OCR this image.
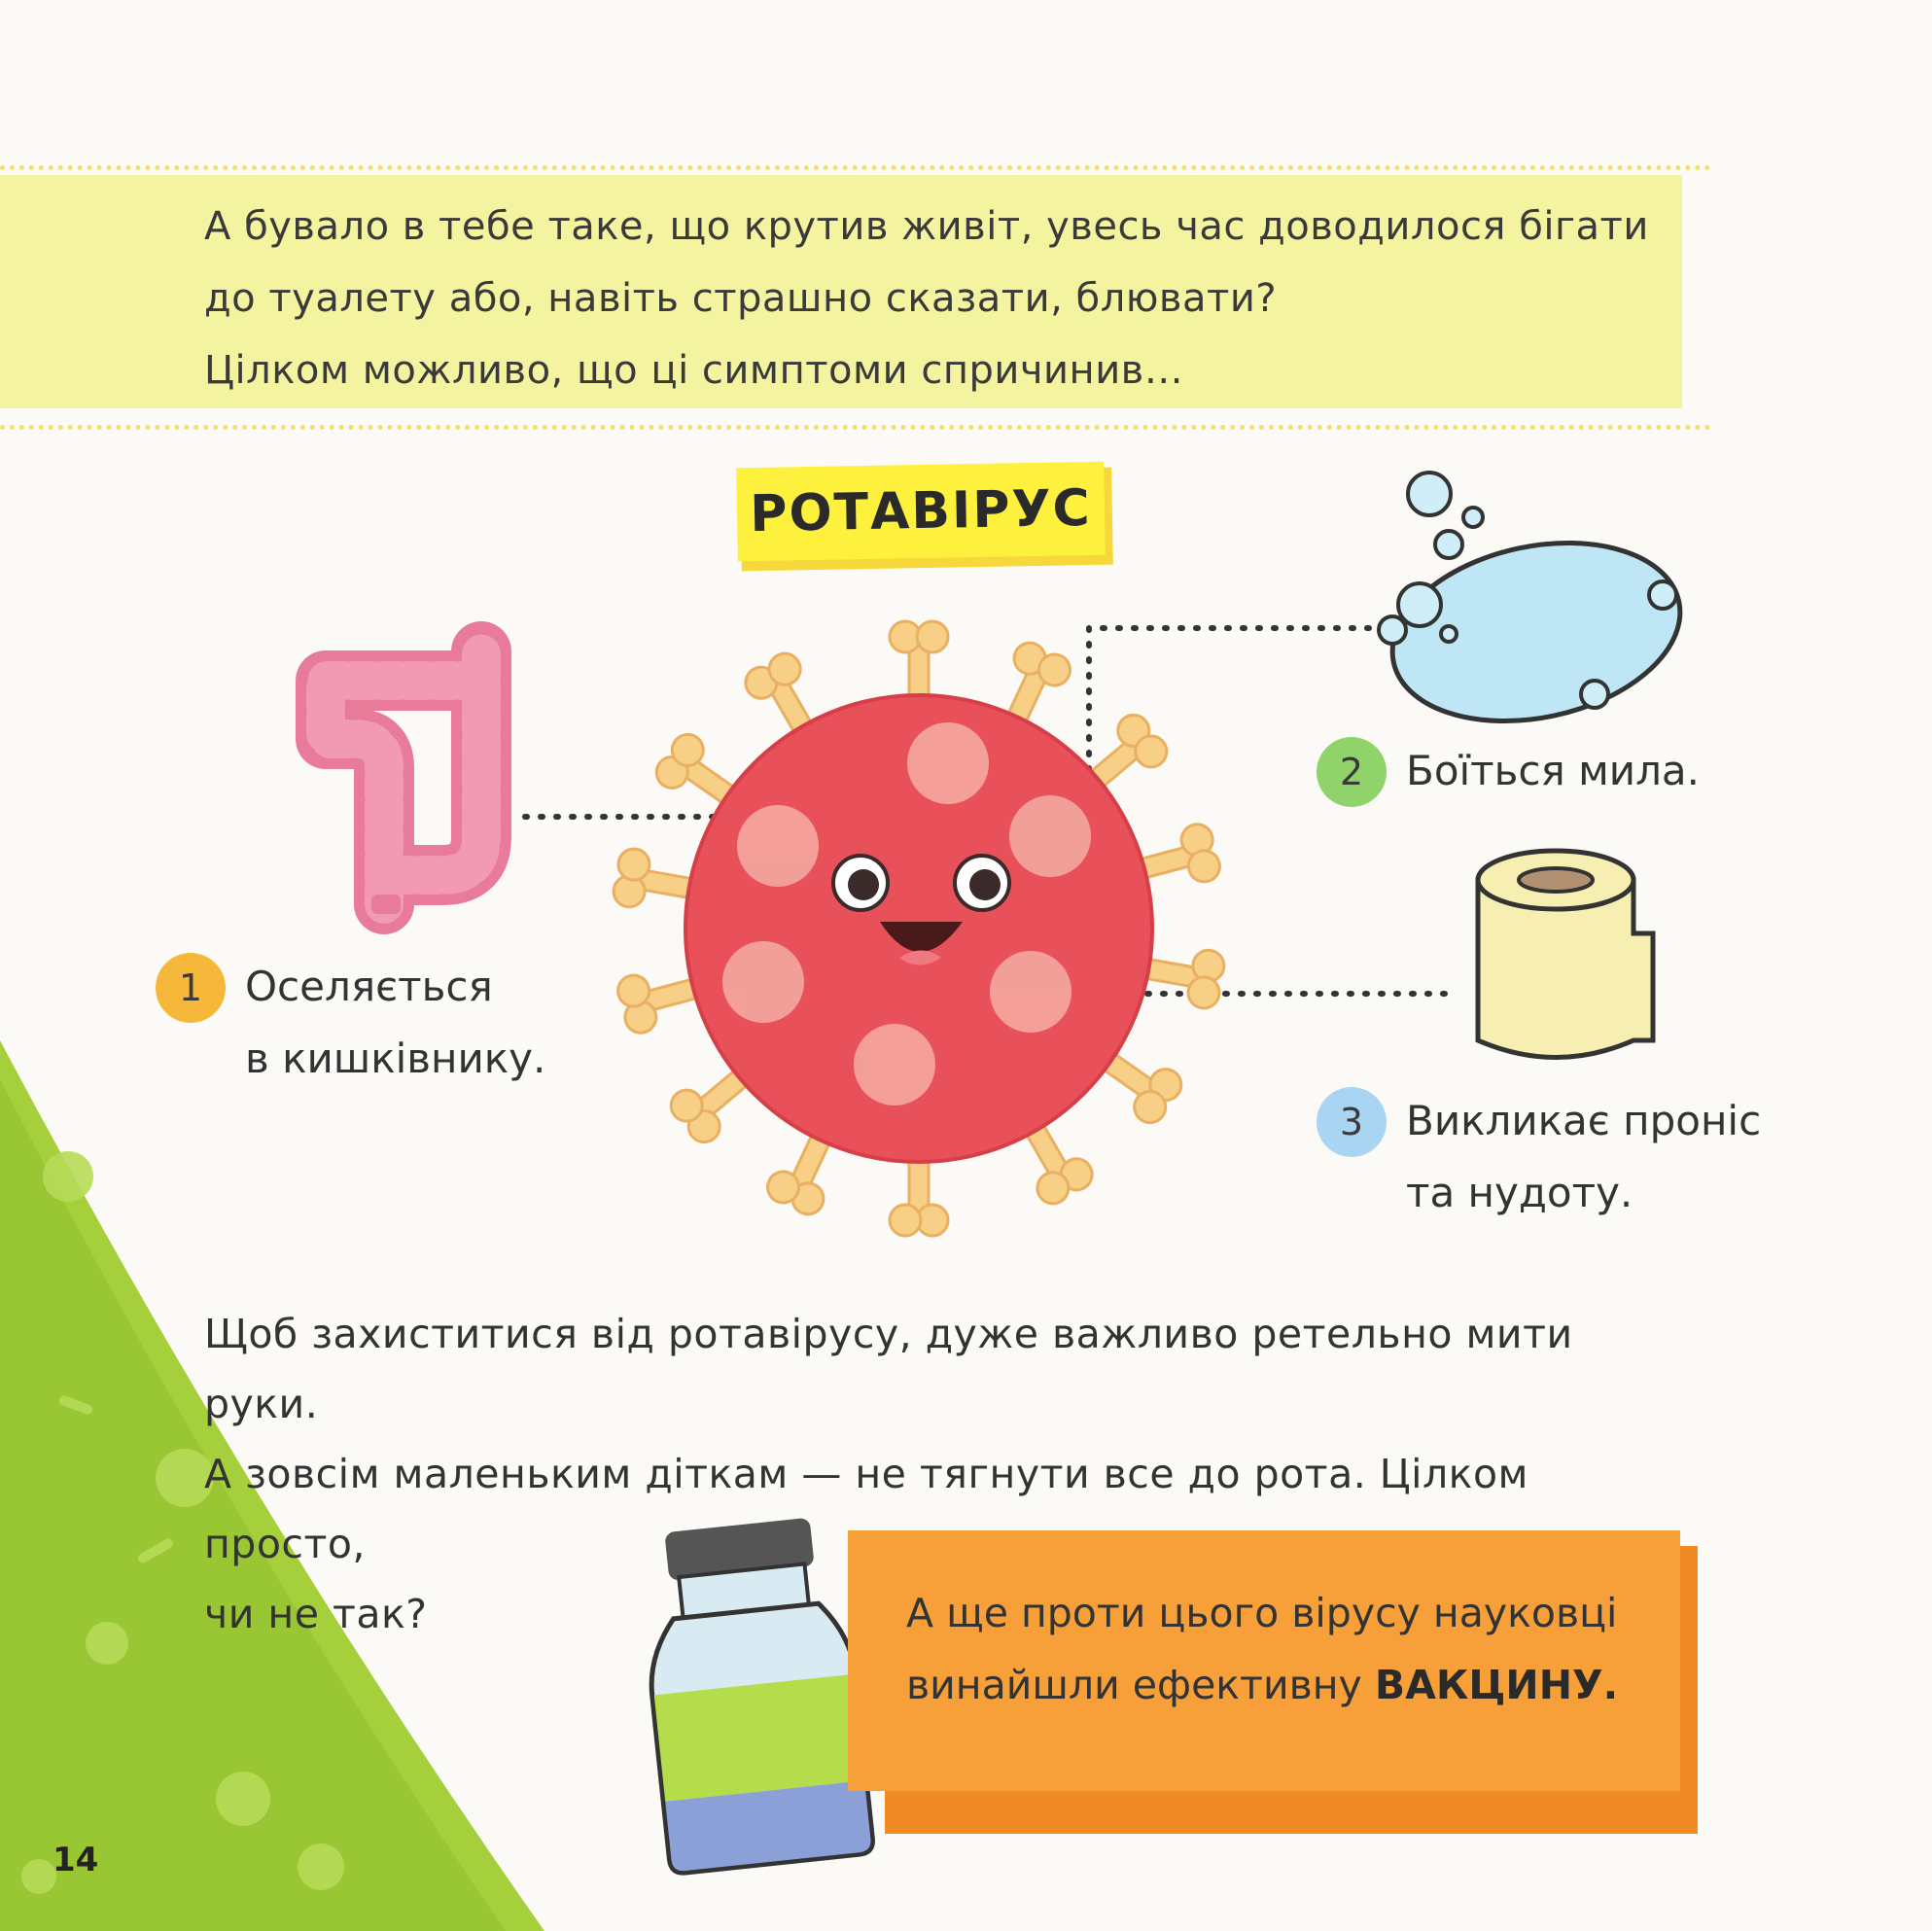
А бувало в тебе таке, що крутив живіт, увесь час доводилося бігати
до туалету або, навіть страшно сказати, блювати?
Цілком можливо, що ці симптоми спричинив…

РОТАВІРУС
1 Оселяється
в кишківнику.
2 Боїться мила.
3 Викликає проніс
та нудоту.

Щоб захиститися від ротавірусу, дуже важливо ретельно мити руки.
А зовсім маленьким діткам — не тягнути все до рота. Цілком просто,
чи не так?	А ще проти цього вірусу науковці винайшли ефективну ВАКЦИНУ.

14
